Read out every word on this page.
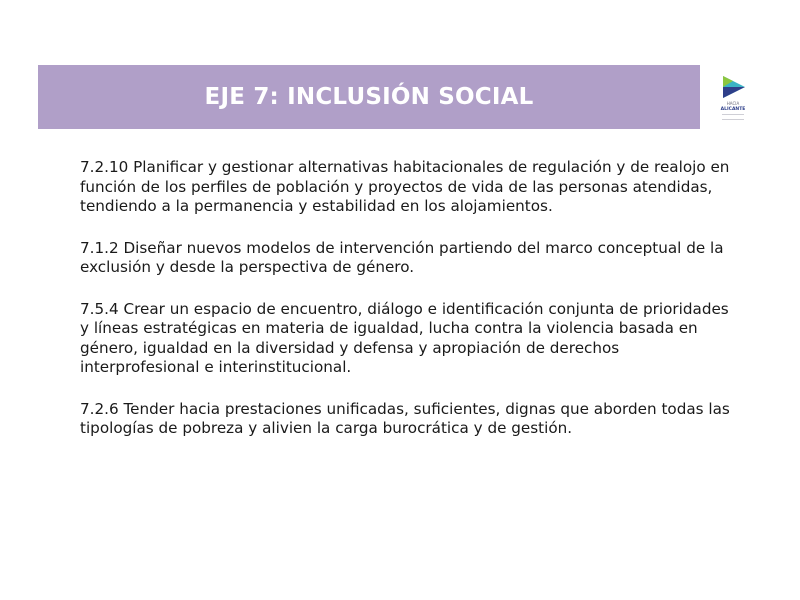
EJE 7: INCLUSIÓN SOCIAL	HACIA
ALICANTE

7.2.10 Planificar y gestionar alternativas habitacionales de regulación y de realojo en función de los perfiles de población y proyectos de vida de las personas atendidas, tendiendo a la permanencia y estabilidad en los alojamientos.

7.1.2 Diseñar nuevos modelos de intervención partiendo del marco conceptual de la exclusión y desde la perspectiva de género.

7.5.4 Crear un espacio de encuentro, diálogo e identificación conjunta de prioridades y líneas estratégicas en materia de igualdad, lucha contra la violencia basada en género, igualdad en la diversidad y defensa y apropiación de derechos interprofesional e interinstitucional.

7.2.6 Tender hacia prestaciones unificadas, suficientes, dignas que aborden todas las tipologías de pobreza y alivien la carga burocrática y de gestión.
